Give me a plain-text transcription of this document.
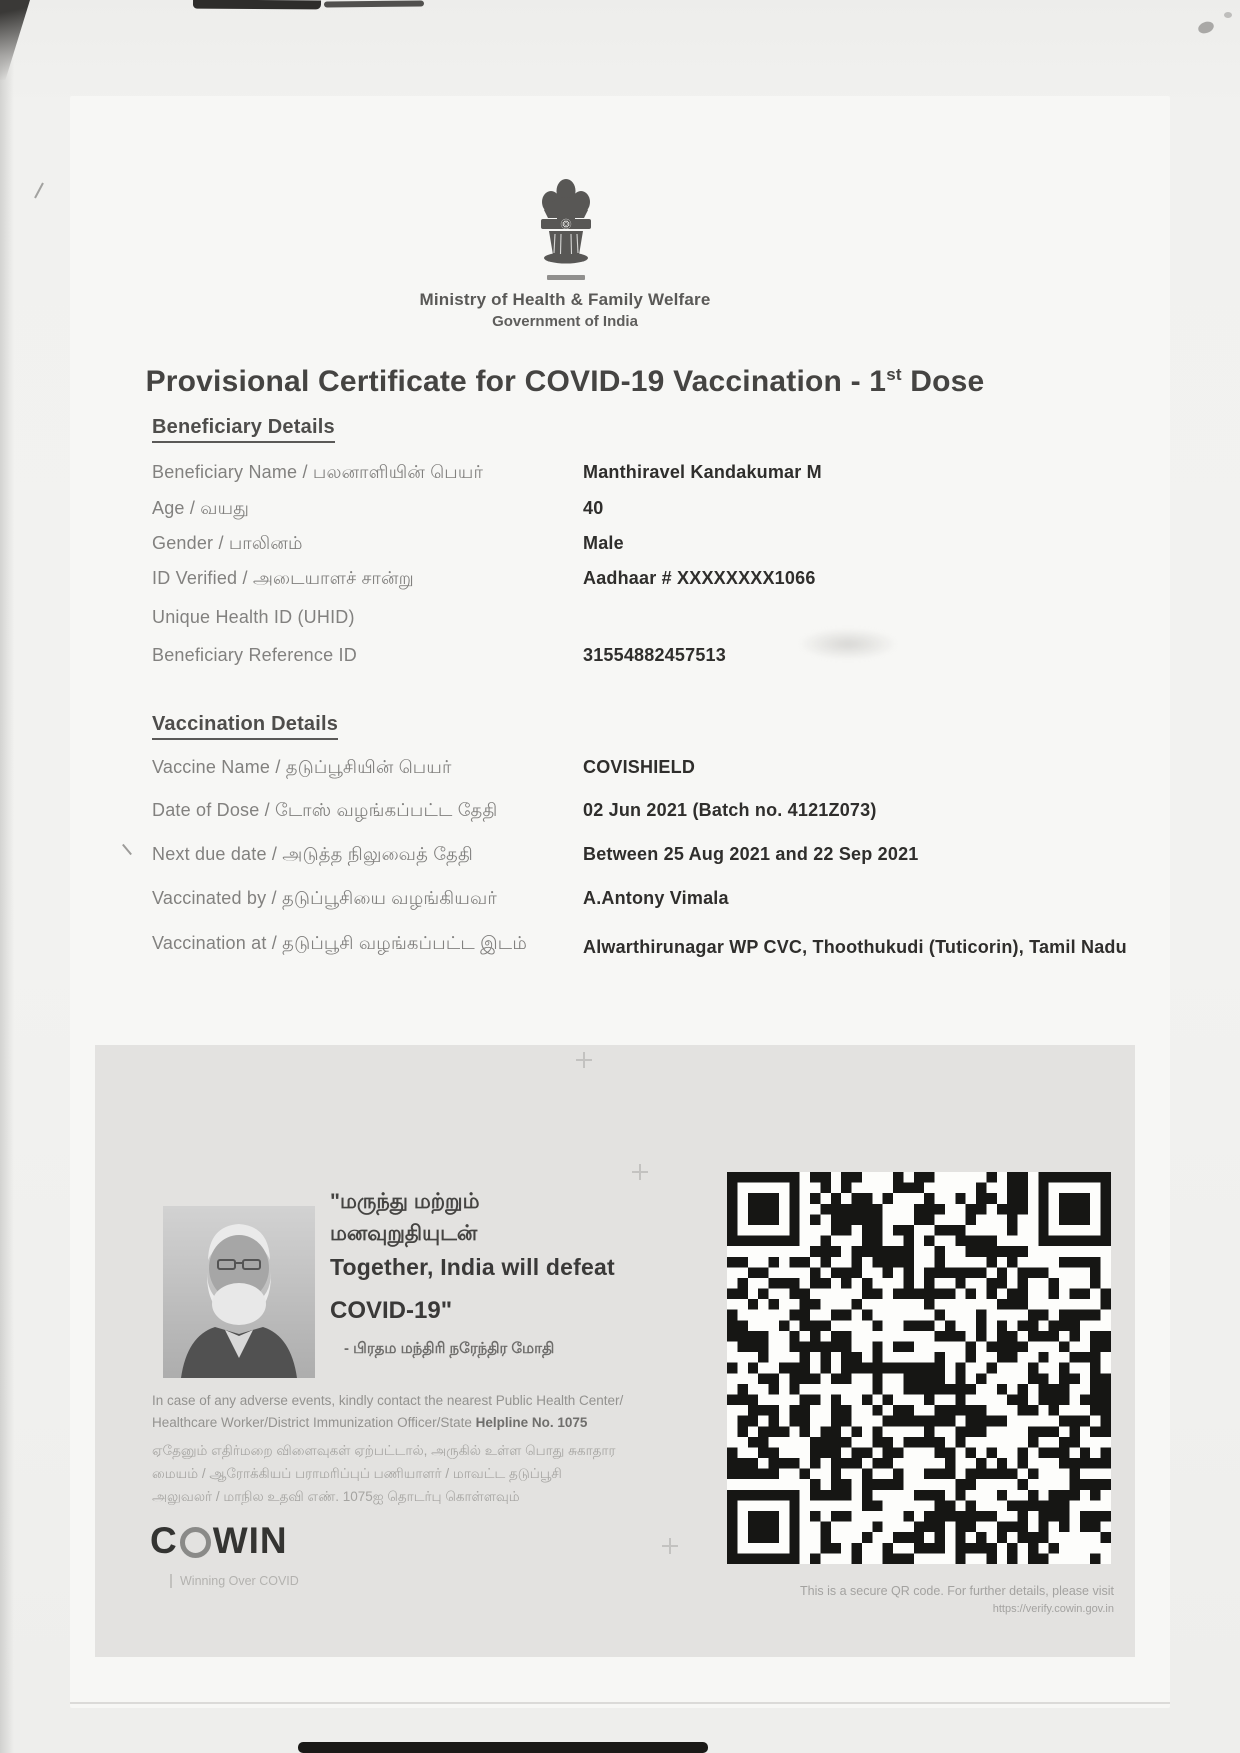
Ministry of Health & Family Welfare
Government of India
Provisional Certificate for COVID-19 Vaccination - 1st Dose
Beneficiary Details
Beneficiary Name / பலனாளியின் பெயர்	Manthiravel Kandakumar M
Age / வயது	40
Gender / பாலினம்	Male
ID Verified / அடையாளச் சான்று	Aadhaar # XXXXXXXX1066
Unique Health ID (UHID)
Beneficiary Reference ID	31554882457513
Vaccination Details
Vaccine Name / தடுப்பூசியின் பெயர்	COVISHIELD
Date of Dose / டோஸ் வழங்கப்பட்ட தேதி	02 Jun 2021 (Batch no. 4121Z073)
Next due date / அடுத்த நிலுவைத் தேதி	Between 25 Aug 2021 and 22 Sep 2021
Vaccinated by / தடுப்பூசியை வழங்கியவர்	A.Antony Vimala
Vaccination at / தடுப்பூசி வழங்கப்பட்ட இடம்	Alwarthirunagar WP CVC, Thoothukudi (Tuticorin), Tamil Nadu
"மருந்து மற்றும்
மனவுறுதியுடன்
Together, India will defeat
COVID-19"
- பிரதம மந்திரி நரேந்திர மோதி
In case of any adverse events, kindly contact the nearest Public Health Center/
Healthcare Worker/District Immunization Officer/State Helpline No. 1075
ஏதேனும் எதிர்மறை விளைவுகள் ஏற்பட்டால், அருகில் உள்ள பொது சுகாதார மையம் / ஆரோக்கியப் பராமரிப்புப் பணியாளர் / மாவட்ட தடுப்பூசி அலுவலர் / மாநில உதவி எண். 1075ஐ தொடர்பு கொள்ளவும்
C WIN
Winning Over COVID
This is a secure QR code. For further details, please visit
https://verify.cowin.gov.in
